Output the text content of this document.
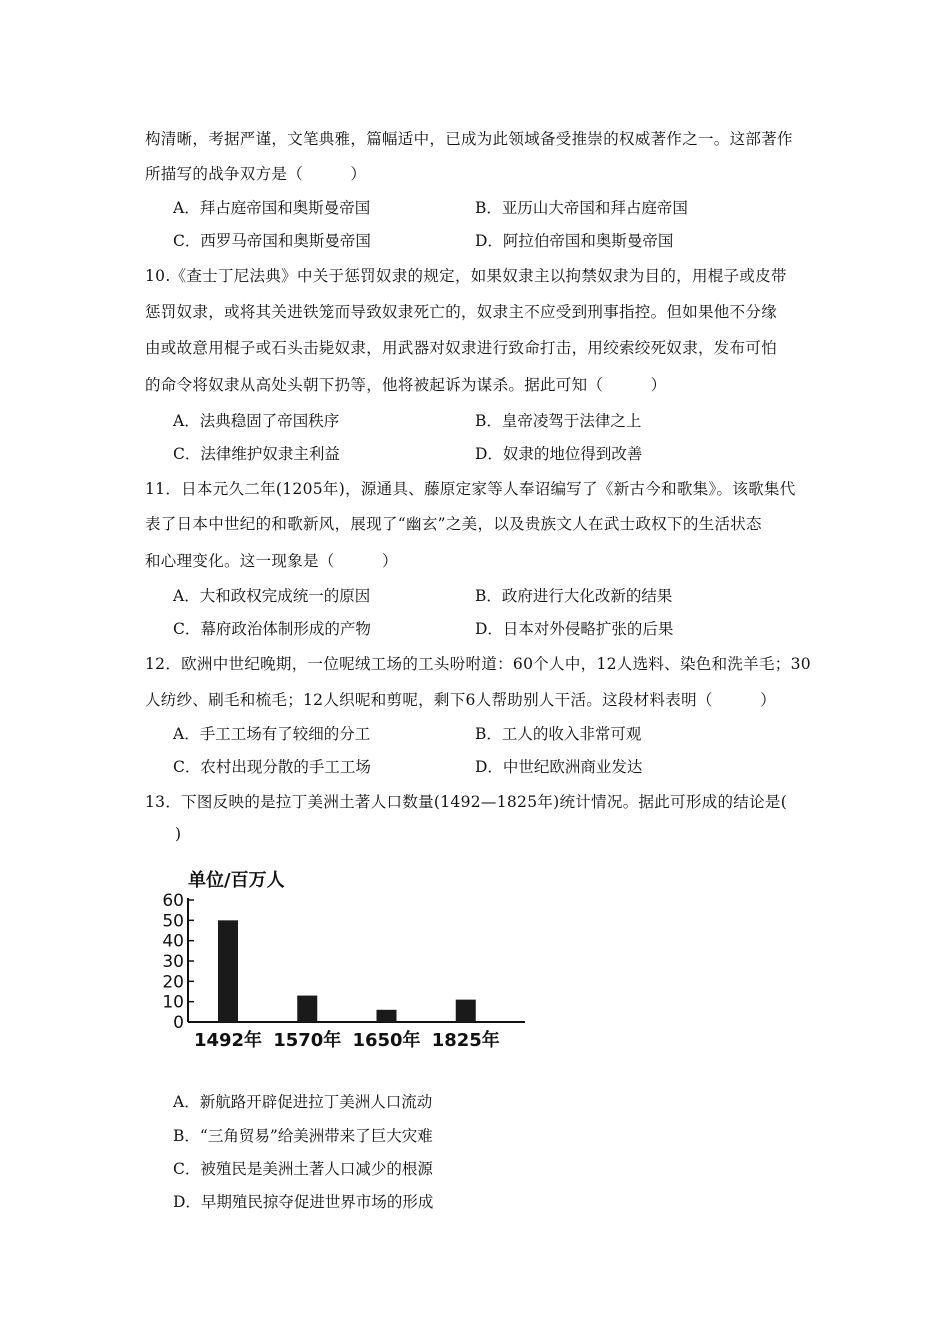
构清晰，考据严谨，文笔典雅，篇幅适中，已成为此领域备受推崇的权威著作之一。这部著作
所描写的战争双方是（　　　）
A．拜占庭帝国和奥斯曼帝国	B．亚历山大帝国和拜占庭帝国
C．西罗马帝国和奥斯曼帝国	D．阿拉伯帝国和奥斯曼帝国
10.《查士丁尼法典》中关于惩罚奴隶的规定，如果奴隶主以拘禁奴隶为目的，用棍子或皮带
惩罚奴隶，或将其关进铁笼而导致奴隶死亡的，奴隶主不应受到刑事指控。但如果他不分缘
由或故意用棍子或石头击毙奴隶，用武器对奴隶进行致命打击，用绞索绞死奴隶，发布可怕
的命令将奴隶从高处头朝下扔等，他将被起诉为谋杀。据此可知（　　　）
A．法典稳固了帝国秩序	B．皇帝凌驾于法律之上
C．法律维护奴隶主利益	D．奴隶的地位得到改善
11．日本元久二年(1205年)，源通具、藤原定家等人奉诏编写了《新古今和歌集》。该歌集代
表了日本中世纪的和歌新风，展现了“幽玄”之美，以及贵族文人在武士政权下的生活状态
和心理变化。这一现象是（　　　）
A．大和政权完成统一的原因	B．政府进行大化改新的结果
C．幕府政治体制形成的产物	D．日本对外侵略扩张的后果
12．欧洲中世纪晚期，一位呢绒工场的工头吩咐道：60个人中，12人选料、染色和洗羊毛；30
人纺纱、刷毛和梳毛；12人织呢和剪呢，剩下6人帮助别人干活。这段材料表明（　　　）
A．手工工场有了较细的分工	B．工人的收入非常可观
C．农村出现分散的手工工场	D．中世纪欧洲商业发达
13．下图反映的是拉丁美洲土著人口数量(1492—1825年)统计情况。据此可形成的结论是(
)
单位/百万人
0
10
20
30
40
50
60
1492年 1570年 1650年 1825年
A．新航路开辟促进拉丁美洲人口流动
B．“三角贸易”给美洲带来了巨大灾难
C．被殖民是美洲土著人口减少的根源
D．早期殖民掠夺促进世界市场的形成
